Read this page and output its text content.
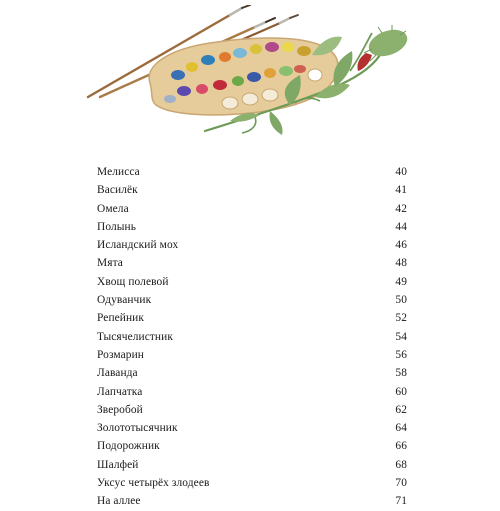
Мелисса	40
Василёк	41
Омела	42
Полынь	44
Исландский мох	46
Мята	48
Хвощ полевой	49
Одуванчик	50
Репейник	52
Тысячелистник	54
Розмарин	56
Лаванда	58
Лапчатка	60
Зверобой	62
Золототысячник	64
Подорожник	66
Шалфей	68
Уксус четырёх злодеев	70
На аллее	71
